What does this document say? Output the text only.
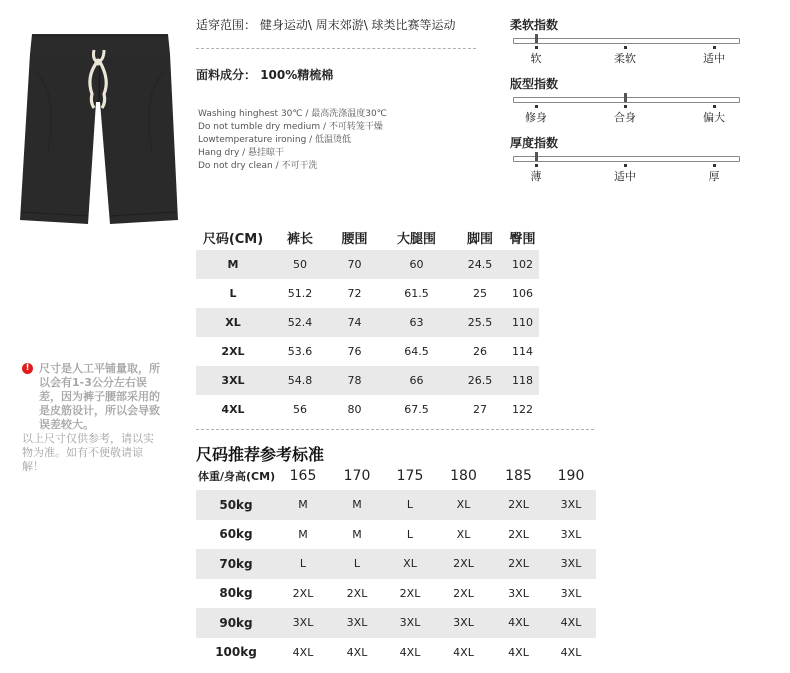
适穿范围： 健身运动\ 周末郊游\ 球类比赛等运动
面料成分： 100%精梳棉
Washing hinghest 30℃ / 最高洗涤温度30℃
Do not tumble dry medium / 不可转笼干燥
Lowtemperature ironing / 低温烫低
Hang dry / 悬挂晾干
Do not dry clean / 不可干洗
柔软指数
软	柔软	适中
版型指数
修身	合身	偏大
厚度指数
薄	适中	厚
尺码(CM)	裤长	腰围	大腿围	脚围	臀围
M	50	70	60	24.5	102
L	51.2	72	61.5	25	106
XL	52.4	74	63	25.5	110
2XL	53.6	76	64.5	26	114
3XL	54.8	78	66	26.5	118
4XL	56	80	67.5	27	122
尺码推荐参考标准
体重/身高(CM)	165	170	175	180	185	190
50kg	M	M	L	XL	2XL	3XL
60kg	M	M	L	XL	2XL	3XL
70kg	L	L	XL	2XL	2XL	3XL
80kg	2XL	2XL	2XL	2XL	3XL	3XL
90kg	3XL	3XL	3XL	3XL	4XL	4XL
100kg	4XL	4XL	4XL	4XL	4XL	4XL
! 尺寸是人工平铺量取，所以会有1-3公分左右误差，因为裤子腰部采用的是皮筋设计，所以会导致误差较大。
以上尺寸仅供参考，请以实物为准。如有不便敬请谅解！
